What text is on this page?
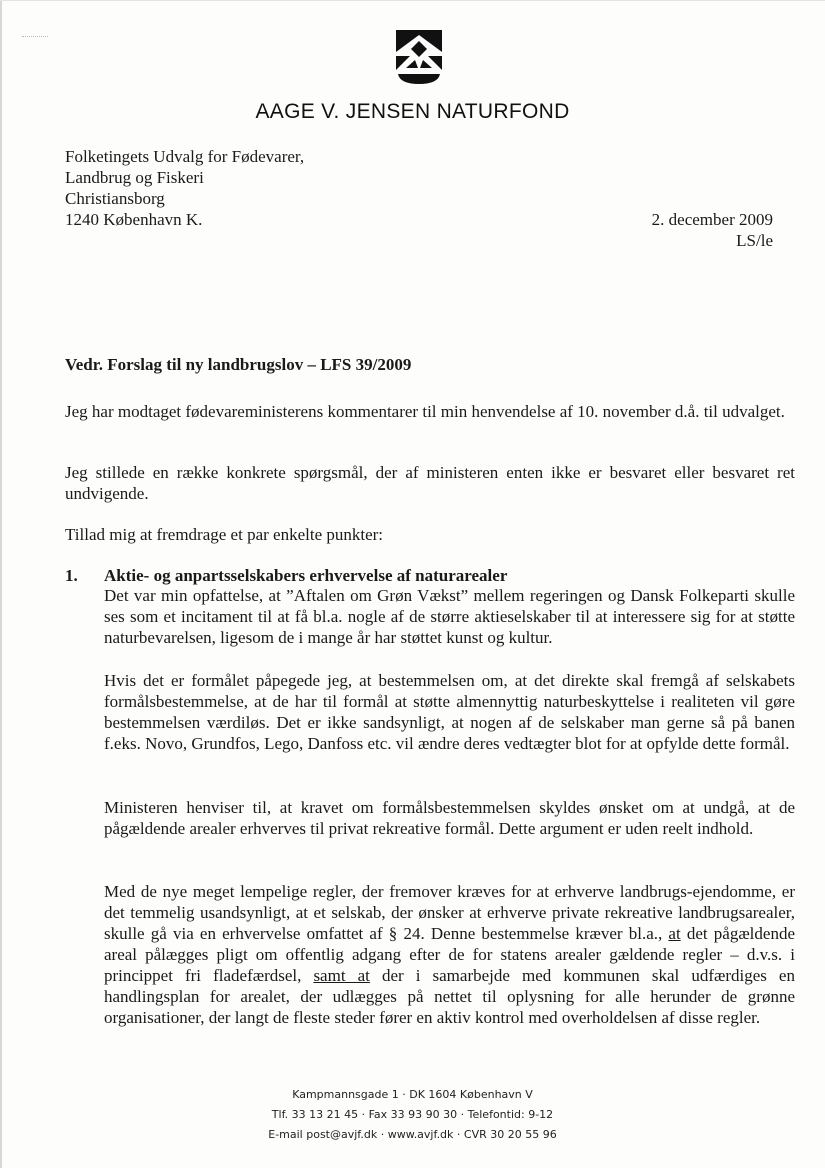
AAGE V. JENSEN NATURFOND
Folketingets Udvalg for Fødevarer,
Landbrug og Fiskeri
Christiansborg
1240 København K.	2. december 2009
LS/le
Vedr. Forslag til ny landbrugslov – LFS 39/2009
Jeg har modtaget fødevareministerens kommentarer til min henvendelse af 10. november d.å. til udvalget.
Jeg stillede en række konkrete spørgsmål, der af ministeren enten ikke er besvaret eller besvaret ret undvigende.
Tillad mig at fremdrage et par enkelte punkter:
1. Aktie- og anpartsselskabers erhvervelse af naturarealer
Det var min opfattelse, at ”Aftalen om Grøn Vækst” mellem regeringen og Dansk Folkeparti skulle ses som et incitament til at få bl.a. nogle af de større aktieselskaber til at interessere sig for at støtte naturbevarelsen, ligesom de i mange år har støttet kunst og kultur.
Hvis det er formålet påpegede jeg, at bestemmelsen om, at det direkte skal fremgå af selskabets formålsbestemmelse, at de har til formål at støtte almennyttig naturbeskyttelse i realiteten vil gøre bestemmelsen værdiløs. Det er ikke sandsynligt, at nogen af de selskaber man gerne så på banen f.eks. Novo, Grundfos, Lego, Danfoss etc. vil ændre deres vedtægter blot for at opfylde dette formål.
Ministeren henviser til, at kravet om formålsbestemmelsen skyldes ønsket om at undgå, at de pågældende arealer erhverves til privat rekreative formål. Dette argument er uden reelt indhold.
Med de nye meget lempelige regler, der fremover kræves for at erhverve landbrugs-ejendomme, er det temmelig usandsynligt, at et selskab, der ønsker at erhverve private rekreative landbrugsarealer, skulle gå via en erhvervelse omfattet af § 24. Denne bestemmelse kræver bl.a., at det pågældende areal pålægges pligt om offentlig adgang efter de for statens arealer gældende regler – d.v.s. i princippet fri fladefærdsel, samt at der i samarbejde med kommunen skal udfærdiges en handlingsplan for arealet, der udlægges på nettet til oplysning for alle herunder de grønne organisationer, der langt de fleste steder fører en aktiv kontrol med overholdelsen af disse regler.
Kampmannsgade 1 · DK 1604 København V
Tlf. 33 13 21 45 · Fax 33 93 90 30 · Telefontid: 9-12
E-mail post@avjf.dk · www.avjf.dk · CVR 30 20 55 96
